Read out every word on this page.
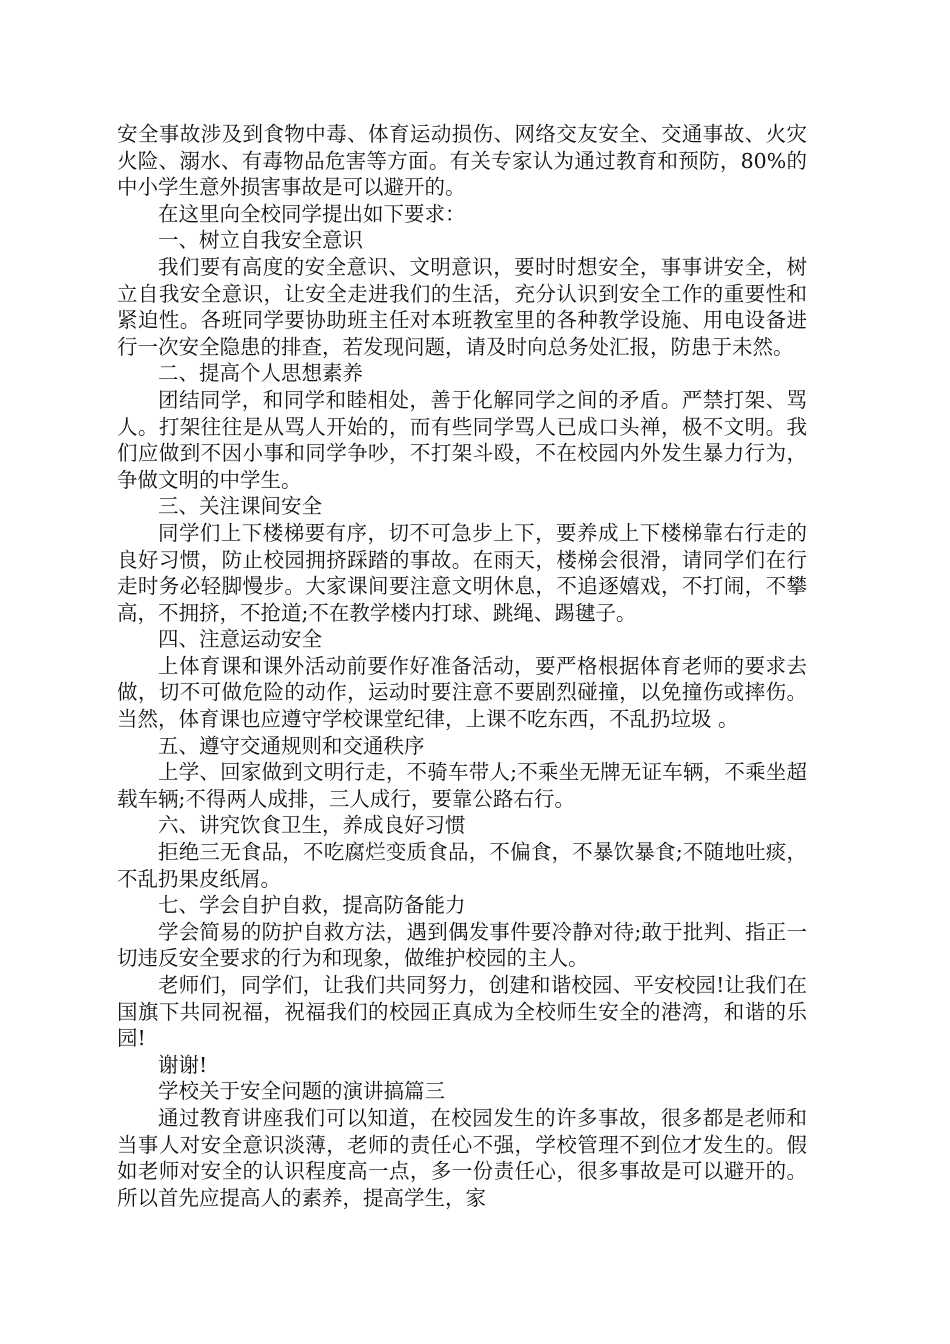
安全事故涉及到食物中毒、体育运动损伤、网络交友安全、交通事故、火灾火险、溺水、有毒物品危害等方面。有关专家认为通过教育和预防，80%的中小学生意外损害事故是可以避开的。

在这里向全校同学提出如下要求：

一、树立自我安全意识

我们要有高度的安全意识、文明意识，要时时想安全，事事讲安全，树立自我安全意识，让安全走进我们的生活，充分认识到安全工作的重要性和紧迫性。各班同学要协助班主任对本班教室里的各种教学设施、用电设备进行一次安全隐患的排查，若发现问题，请及时向总务处汇报，防患于未然。

二、提高个人思想素养

团结同学，和同学和睦相处，善于化解同学之间的矛盾。严禁打架、骂人。打架往往是从骂人开始的，而有些同学骂人已成口头禅，极不文明。我们应做到不因小事和同学争吵，不打架斗殴，不在校园内外发生暴力行为，争做文明的中学生。

三、关注课间安全

同学们上下楼梯要有序，切不可急步上下，要养成上下楼梯靠右行走的良好习惯，防止校园拥挤踩踏的事故。在雨天，楼梯会很滑，请同学们在行走时务必轻脚慢步。大家课间要注意文明休息，不追逐嬉戏，不打闹，不攀高，不拥挤，不抢道;不在教学楼内打球、跳绳、踢毽子。

四、注意运动安全

上体育课和课外活动前要作好准备活动，要严格根据体育老师的要求去做，切不可做危险的动作，运动时要注意不要剧烈碰撞，以免撞伤或摔伤。当然，体育课也应遵守学校课堂纪律，上课不吃东西，不乱扔垃圾 。

五、遵守交通规则和交通秩序

上学、回家做到文明行走，不骑车带人;不乘坐无牌无证车辆，不乘坐超载车辆;不得两人成排，三人成行，要靠公路右行。

六、讲究饮食卫生，养成良好习惯

拒绝三无食品，不吃腐烂变质食品，不偏食，不暴饮暴食;不随地吐痰，不乱扔果皮纸屑。

七、学会自护自救，提高防备能力

学会简易的防护自救方法，遇到偶发事件要冷静对待;敢于批判、指正一切违反安全要求的行为和现象，做维护校园的主人。

老师们，同学们，让我们共同努力，创建和谐校园、平安校园!让我们在国旗下共同祝福，祝福我们的校园正真成为全校师生安全的港湾，和谐的乐园!

谢谢!

学校关于安全问题的演讲搞篇三

通过教育讲座我们可以知道，在校园发生的许多事故，很多都是老师和当事人对安全意识淡薄，老师的责任心不强，学校管理不到位才发生的。假如老师对安全的认识程度高一点，多一份责任心，很多事故是可以避开的。所以首先应提高人的素养，提高学生，家
